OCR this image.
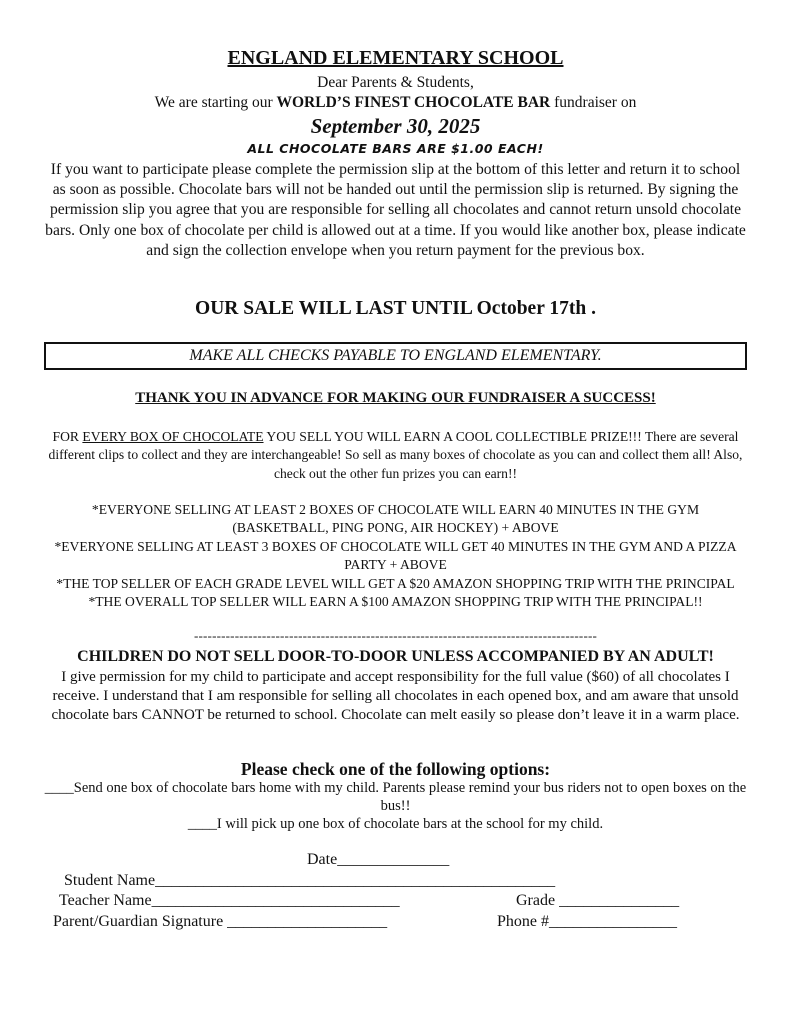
ENGLAND ELEMENTARY SCHOOL
Dear Parents & Students,
We are starting our WORLD’S FINEST CHOCOLATE BAR fundraiser on
September 30, 2025
ALL CHOCOLATE BARS ARE $1.00 EACH!
If you want to participate please complete the permission slip at the bottom of this letter and return it to school as soon as possible. Chocolate bars will not be handed out until the permission slip is returned. By signing the permission slip you agree that you are responsible for selling all chocolates and cannot return unsold chocolate bars. Only one box of chocolate per child is allowed out at a time. If you would like another box, please indicate and sign the collection envelope when you return payment for the previous box.
OUR SALE WILL LAST UNTIL October 17th .
MAKE ALL CHECKS PAYABLE TO ENGLAND ELEMENTARY.
THANK YOU IN ADVANCE FOR MAKING OUR FUNDRAISER A SUCCESS!
FOR EVERY BOX OF CHOCOLATE YOU SELL YOU WILL EARN A COOL COLLECTIBLE PRIZE!!! There are several different clips to collect and they are interchangeable! So sell as many boxes of chocolate as you can and collect them all! Also, check out the other fun prizes you can earn!!
*EVERYONE SELLING AT LEAST 2 BOXES OF CHOCOLATE WILL EARN 40 MINUTES IN THE GYM (BASKETBALL, PING PONG, AIR HOCKEY) + ABOVE
*EVERYONE SELLING AT LEAST 3 BOXES OF CHOCOLATE WILL GET 40 MINUTES IN THE GYM AND A PIZZA PARTY + ABOVE
*THE TOP SELLER OF EACH GRADE LEVEL WILL GET A $20 AMAZON SHOPPING TRIP WITH THE PRINCIPAL
*THE OVERALL TOP SELLER WILL EARN A $100 AMAZON SHOPPING TRIP WITH THE PRINCIPAL!!
-----------------------------------------------------------------------------------------
CHILDREN DO NOT SELL DOOR-TO-DOOR UNLESS ACCOMPANIED BY AN ADULT!
I give permission for my child to participate and accept responsibility for the full value ($60) of all chocolates I receive. I understand that I am responsible for selling all chocolates in each opened box, and am aware that unsold chocolate bars CANNOT be returned to school. Chocolate can melt easily so please don’t leave it in a warm place.
Please check one of the following options:
____Send one box of chocolate bars home with my child. Parents please remind your bus riders not to open boxes on the bus!!
____I will pick up one box of chocolate bars at the school for my child.
Date______________
Student Name__________________________________________________
Teacher Name_______________________________	Grade _______________
Parent/Guardian Signature ____________________	Phone #________________
